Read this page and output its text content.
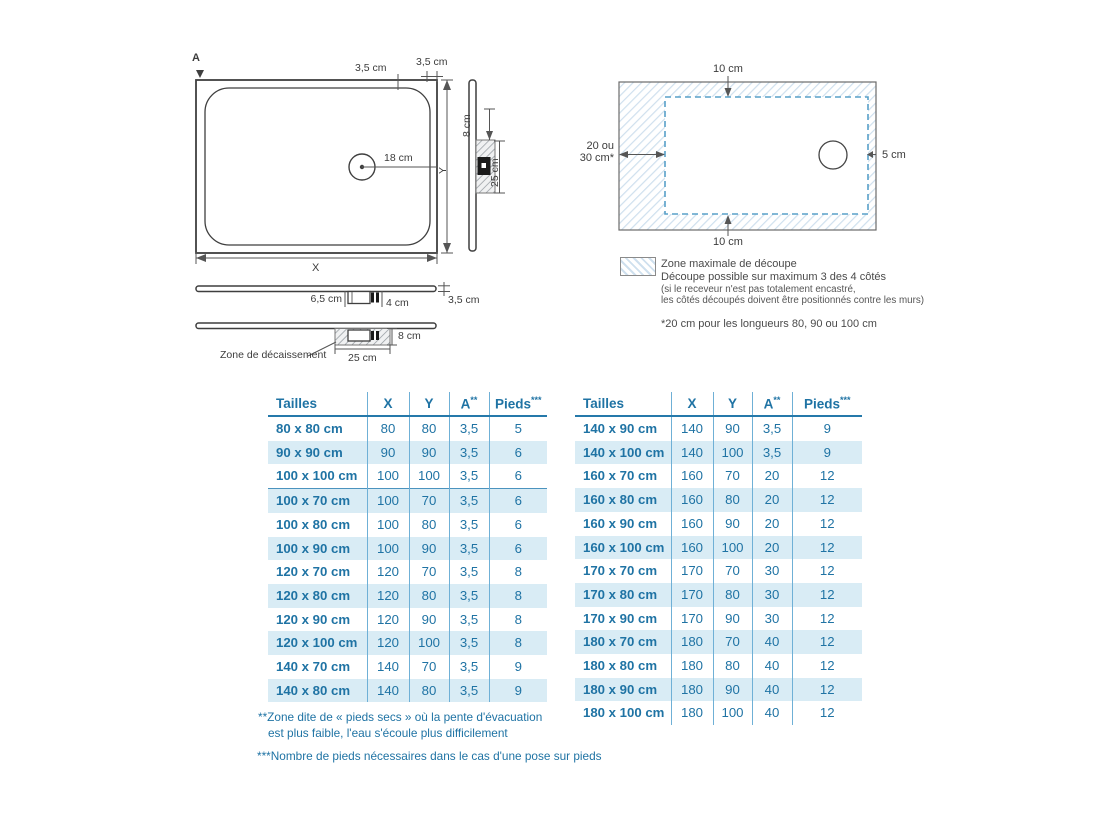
A
3,5 cm	3,5 cm
18 cm
Y
X
8 cm
25 cm
6,5 cm	4 cm	3,5 cm
8 cm
25 cm
Zone de décaissement
10 cm
10 cm
20 ou
30 cm*	5 cm
Zone maximale de découpe
Découpe possible sur maximum 3 des 4 côtés
(si le receveur n'est pas totalement encastré,
les côtés découpés doivent être positionnés contre les murs)
*20 cm pour les longueurs 80, 90 ou 100 cm
Tailles	X	Y	A**	Pieds***
80 x 80 cm	80	80	3,5	5
90 x 90 cm	90	90	3,5	6
100 x 100 cm	100	100	3,5	6
100 x 70 cm	100	70	3,5	6
100 x 80 cm	100	80	3,5	6
100 x 90 cm	100	90	3,5	6
120 x 70 cm	120	70	3,5	8
120 x 80 cm	120	80	3,5	8
120 x 90 cm	120	90	3,5	8
120 x 100 cm	120	100	3,5	8
140 x 70 cm	140	70	3,5	9
140 x 80 cm	140	80	3,5	9
Tailles	X	Y	A**	Pieds***
140 x 90 cm	140	90	3,5	9
140 x 100 cm	140	100	3,5	9
160 x 70 cm	160	70	20	12
160 x 80 cm	160	80	20	12
160 x 90 cm	160	90	20	12
160 x 100 cm	160	100	20	12
170 x 70 cm	170	70	30	12
170 x 80 cm	170	80	30	12
170 x 90 cm	170	90	30	12
180 x 70 cm	180	70	40	12
180 x 80 cm	180	80	40	12
180 x 90 cm	180	90	40	12
180 x 100 cm	180	100	40	12
**Zone dite de « pieds secs » où la pente d'évacuation
est plus faible, l'eau s'écoule plus difficilement
***Nombre de pieds nécessaires dans le cas d'une pose sur pieds
